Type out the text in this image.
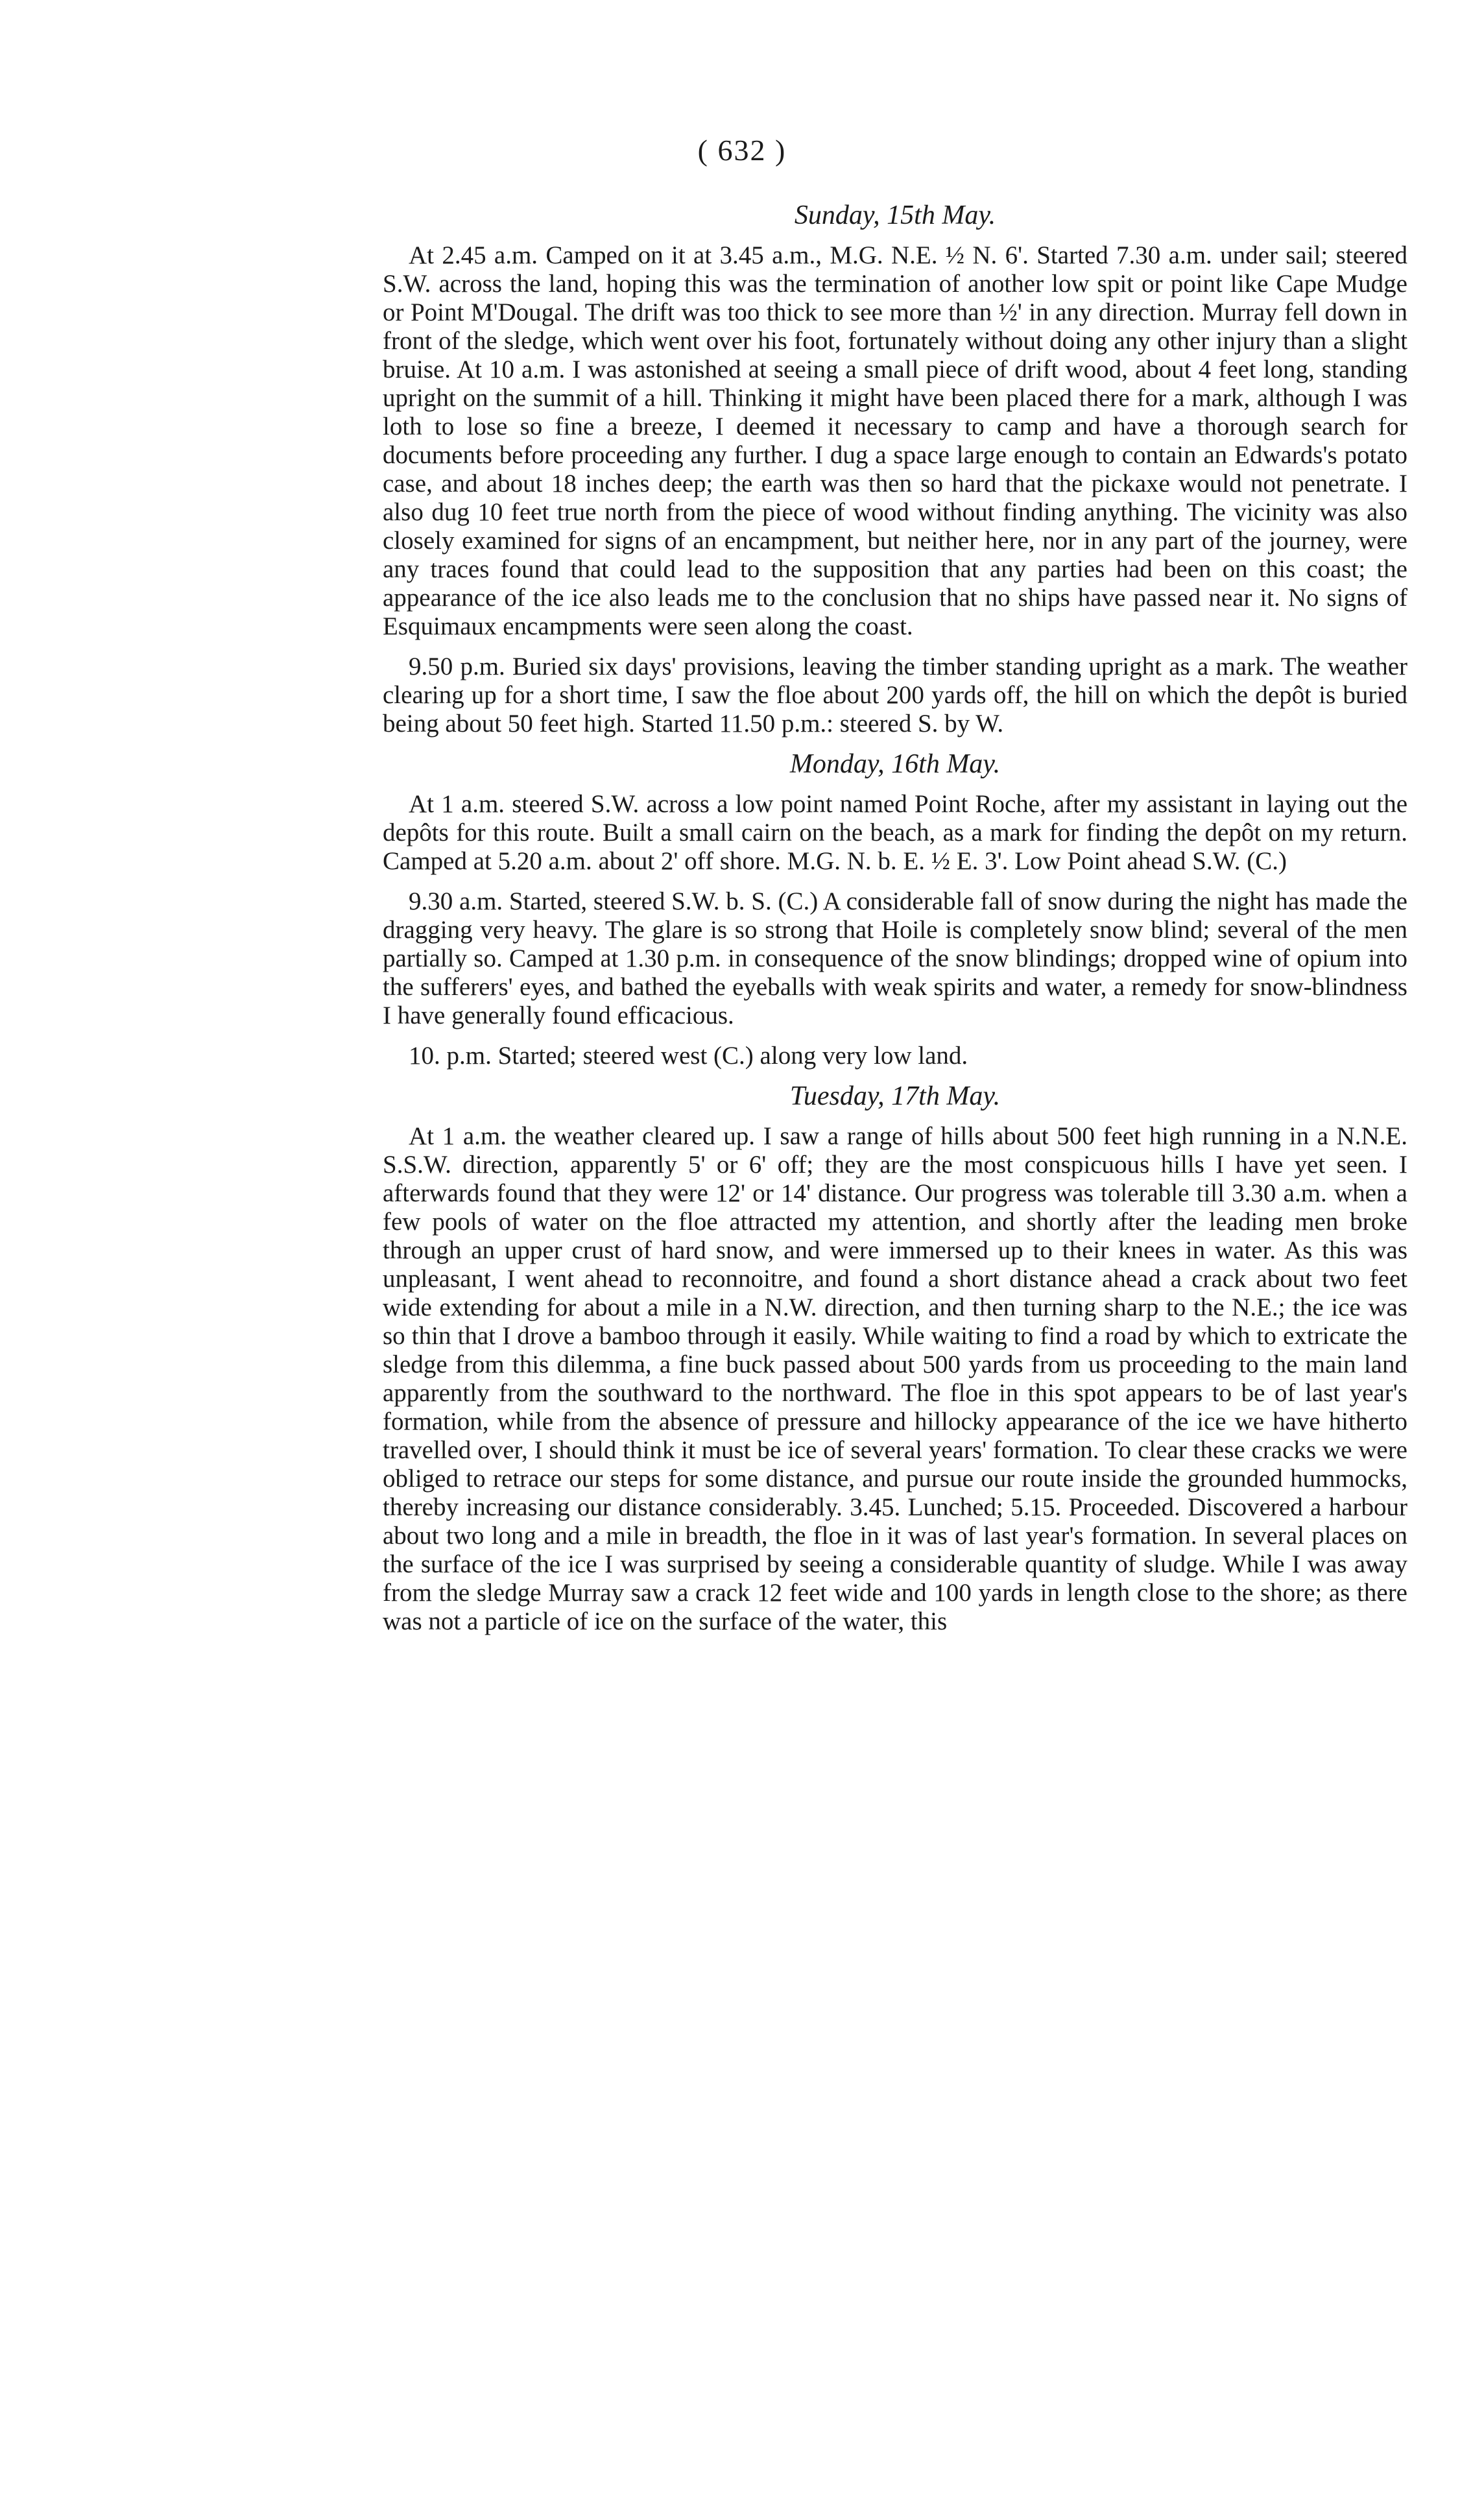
( 632 )
Sunday, 15th May.

At 2.45 a.m. Camped on it at 3.45 a.m., M.G. N.E. ½ N. 6'. Started 7.30 a.m. under sail; steered S.W. across the land, hoping this was the termination of another low spit or point like Cape Mudge or Point M'Dougal. The drift was too thick to see more than ½' in any direction. Murray fell down in front of the sledge, which went over his foot, fortunately without doing any other injury than a slight bruise. At 10 a.m. I was astonished at seeing a small piece of drift wood, about 4 feet long, standing upright on the summit of a hill. Thinking it might have been placed there for a mark, although I was loth to lose so fine a breeze, I deemed it necessary to camp and have a thorough search for documents before proceeding any further. I dug a space large enough to contain an Edwards's potato case, and about 18 inches deep; the earth was then so hard that the pickaxe would not penetrate. I also dug 10 feet true north from the piece of wood without finding anything. The vicinity was also closely examined for signs of an encampment, but neither here, nor in any part of the journey, were any traces found that could lead to the supposition that any parties had been on this coast; the appearance of the ice also leads me to the conclusion that no ships have passed near it. No signs of Esquimaux encampments were seen along the coast.

9.50 p.m. Buried six days' provisions, leaving the timber standing upright as a mark. The weather clearing up for a short time, I saw the floe about 200 yards off, the hill on which the depôt is buried being about 50 feet high. Started 11.50 p.m.: steered S. by W.

Monday, 16th May.

At 1 a.m. steered S.W. across a low point named Point Roche, after my assistant in laying out the depôts for this route. Built a small cairn on the beach, as a mark for finding the depôt on my return. Camped at 5.20 a.m. about 2' off shore. M.G. N. b. E. ½ E. 3'. Low Point ahead S.W. (C.)

9.30 a.m. Started, steered S.W. b. S. (C.) A considerable fall of snow during the night has made the dragging very heavy. The glare is so strong that Hoile is completely snow blind; several of the men partially so. Camped at 1.30 p.m. in consequence of the snow blindings; dropped wine of opium into the sufferers' eyes, and bathed the eyeballs with weak spirits and water, a remedy for snow-blindness I have generally found efficacious.

10. p.m. Started; steered west (C.) along very low land.

Tuesday, 17th May.

At 1 a.m. the weather cleared up. I saw a range of hills about 500 feet high running in a N.N.E. S.S.W. direction, apparently 5' or 6' off; they are the most conspicuous hills I have yet seen. I afterwards found that they were 12' or 14' distance. Our progress was tolerable till 3.30 a.m. when a few pools of water on the floe attracted my attention, and shortly after the leading men broke through an upper crust of hard snow, and were immersed up to their knees in water. As this was unpleasant, I went ahead to reconnoitre, and found a short distance ahead a crack about two feet wide extending for about a mile in a N.W. direction, and then turning sharp to the N.E.; the ice was so thin that I drove a bamboo through it easily. While waiting to find a road by which to extricate the sledge from this dilemma, a fine buck passed about 500 yards from us proceeding to the main land apparently from the southward to the northward. The floe in this spot appears to be of last year's formation, while from the absence of pressure and hillocky appearance of the ice we have hitherto travelled over, I should think it must be ice of several years' formation. To clear these cracks we were obliged to retrace our steps for some distance, and pursue our route inside the grounded hummocks, thereby increasing our distance considerably. 3.45. Lunched; 5.15. Proceeded. Discovered a harbour about two long and a mile in breadth, the floe in it was of last year's formation. In several places on the surface of the ice I was surprised by seeing a considerable quantity of sludge. While I was away from the sledge Murray saw a crack 12 feet wide and 100 yards in length close to the shore; as there was not a particle of ice on the surface of the water, this
